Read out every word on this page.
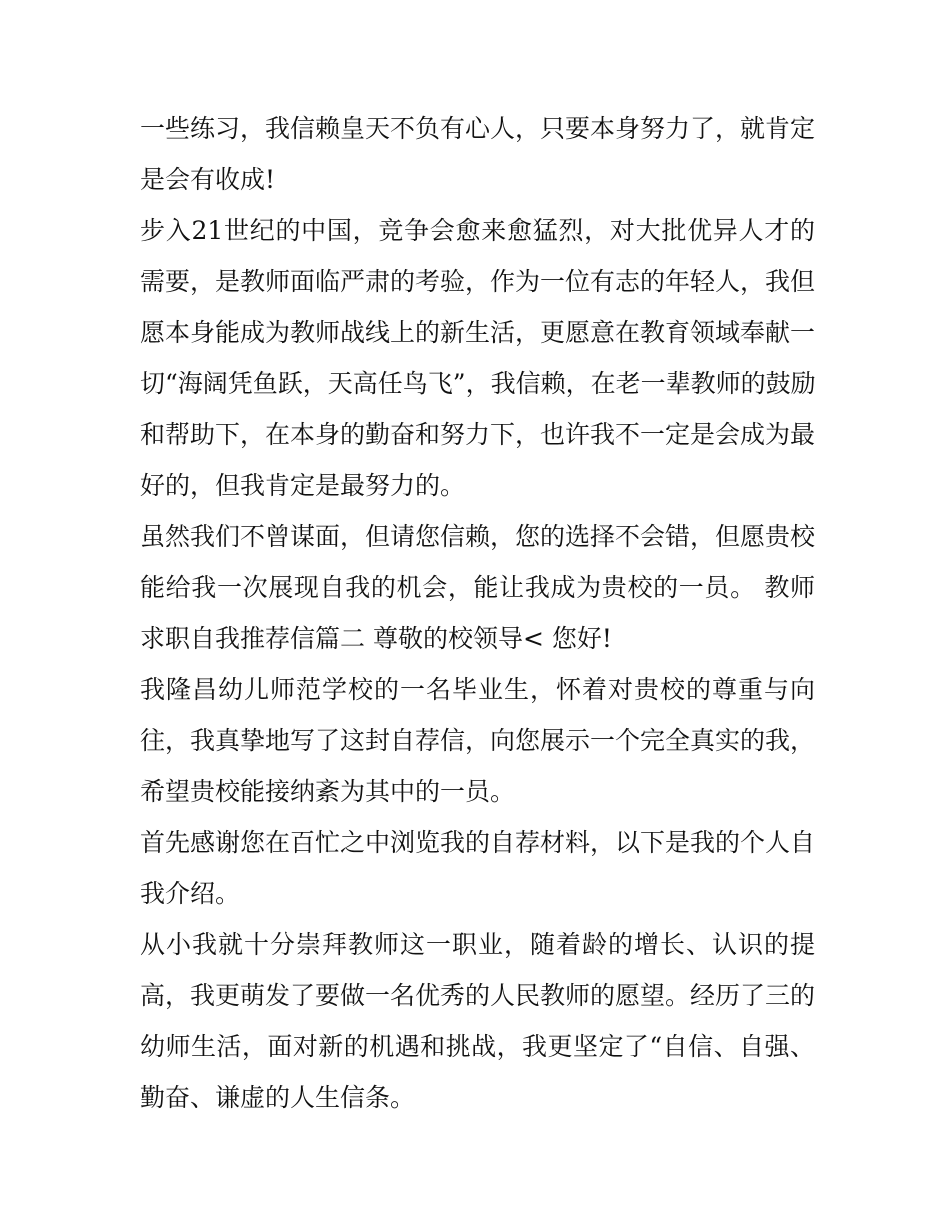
一些练习，我信赖皇天不负有心人，只要本身努力了，就肯定
是会有收成!
步入21世纪的中国，竞争会愈来愈猛烈，对大批优异人才的
需要，是教师面临严肃的考验，作为一位有志的年轻人，我但
愿本身能成为教师战线上的新生活，更愿意在教育领域奉献一
切“海阔凭鱼跃，天高任鸟飞”，我信赖，在老一辈教师的鼓励
和帮助下，在本身的勤奋和努力下，也许我不一定是会成为最
好的，但我肯定是最努力的。
虽然我们不曾谋面，但请您信赖，您的选择不会错，但愿贵校
能给我一次展现自我的机会，能让我成为贵校的一员。 教师
求职自我推荐信篇二 尊敬的校领导< 您好!
我隆昌幼儿师范学校的一名毕业生，怀着对贵校的尊重与向
往，我真挚地写了这封自荐信，向您展示一个完全真实的我，
希望贵校能接纳紊为其中的一员。
首先感谢您在百忙之中浏览我的自荐材料，以下是我的个人自
我介绍。
从小我就十分崇拜教师这一职业，随着龄的增长、认识的提
高，我更萌发了要做一名优秀的人民教师的愿望。经历了三的
幼师生活，面对新的机遇和挑战，我更坚定了“自信、自强、
勤奋、谦虚的人生信条。
